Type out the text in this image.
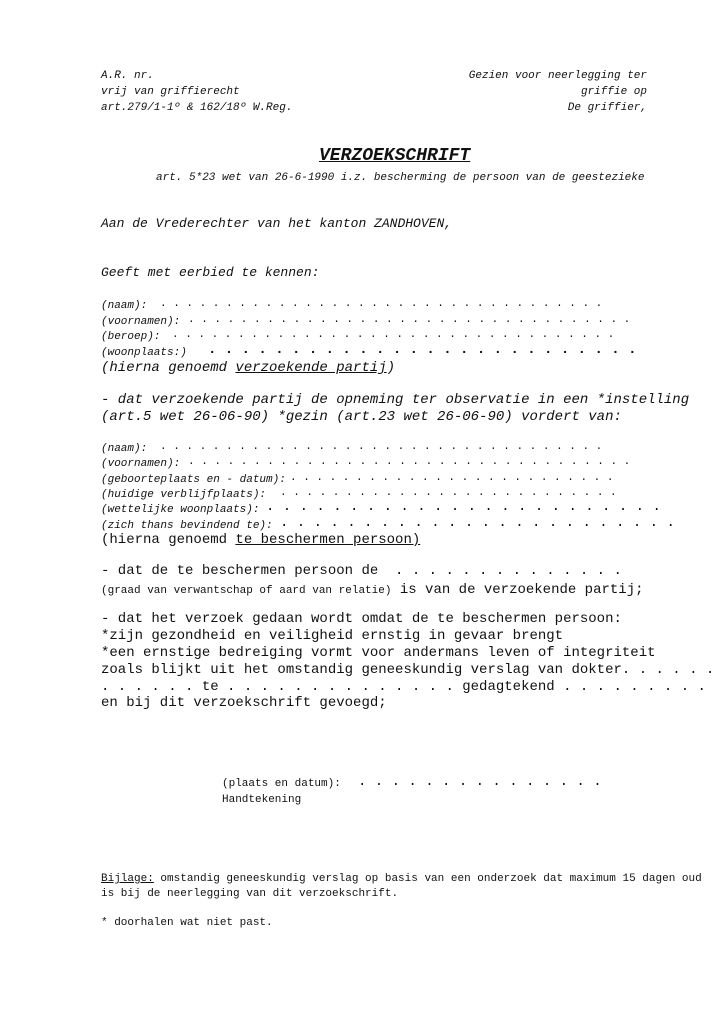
A.R. nr.
vrij van griffierecht
art.279/1-1º & 162/18º W.Reg.
Gezien voor neerlegging ter
griffie op
De griffier,
VERZOEKSCHRIFT
art. 5*23 wet van 26-6-1990 i.z. bescherming de persoon van de geestezieke
Aan de Vrederechter van het kanton ZANDHOVEN,
Geeft met eerbied te kennen:
(naam): . . . . . . . . . . . . . . . . . . . . . . . . . . . . . . . . . .
(voornamen): . . . . . . . . . . . . . . . . . . . . . . . . . . . . . . . . . .
(beroep): . . . . . . . . . . . . . . . . . . . . . . . . . . . . . . . . . .
(woonplaats:) . . . . . . . . . . . . . . . . . . . . . . . . . .
(hierna genoemd verzoekende partij)
- dat verzoekende partij de opneming ter observatie in een *instelling
(art.5 wet 26-06-90) *gezin (art.23 wet 26-06-90) vordert van:
(naam): . . . . . . . . . . . . . . . . . . . . . . . . . . . . . . . . . .
(voornamen): . . . . . . . . . . . . . . . . . . . . . . . . . . . . . . . . . .
(geboorteplaats en - datum): . . . . . . . . . . . . . . . . . . . . . . . . .
(huidige verblijfplaats): . . . . . . . . . . . . . . . . . . . . . . . . . .
(wettelijke woonplaats): . . . . . . . . . . . . . . . . . . . . . . . .
(zich thans bevindend te): . . . . . . . . . . . . . . . . . . . . . . . .
(hierna genoemd te beschermen persoon)
- dat de te beschermen persoon de  . . . . . . . . . . . . . .
(graad van verwantschap of aard van relatie) is van de verzoekende partij;
- dat het verzoek gedaan wordt omdat de te beschermen persoon:
*zijn gezondheid en veiligheid ernstig in gevaar brengt
*een ernstige bedreiging vormt voor andermans leven of integriteit
zoals blijkt uit het omstandig geneeskundig verslag van dokter. . . . . .
. . . . . . te . . . . . . . . . . . . . . gedagtekend . . . . . . . . .
en bij dit verzoekschrift gevoegd;
(plaats en datum): . . . . . . . . . . . . . . .
Handtekening
Bijlage: omstandig geneeskundig verslag op basis van een onderzoek dat maximum 15 dagen oud
is bij de neerlegging van dit verzoekschrift.
* doorhalen wat niet past.
